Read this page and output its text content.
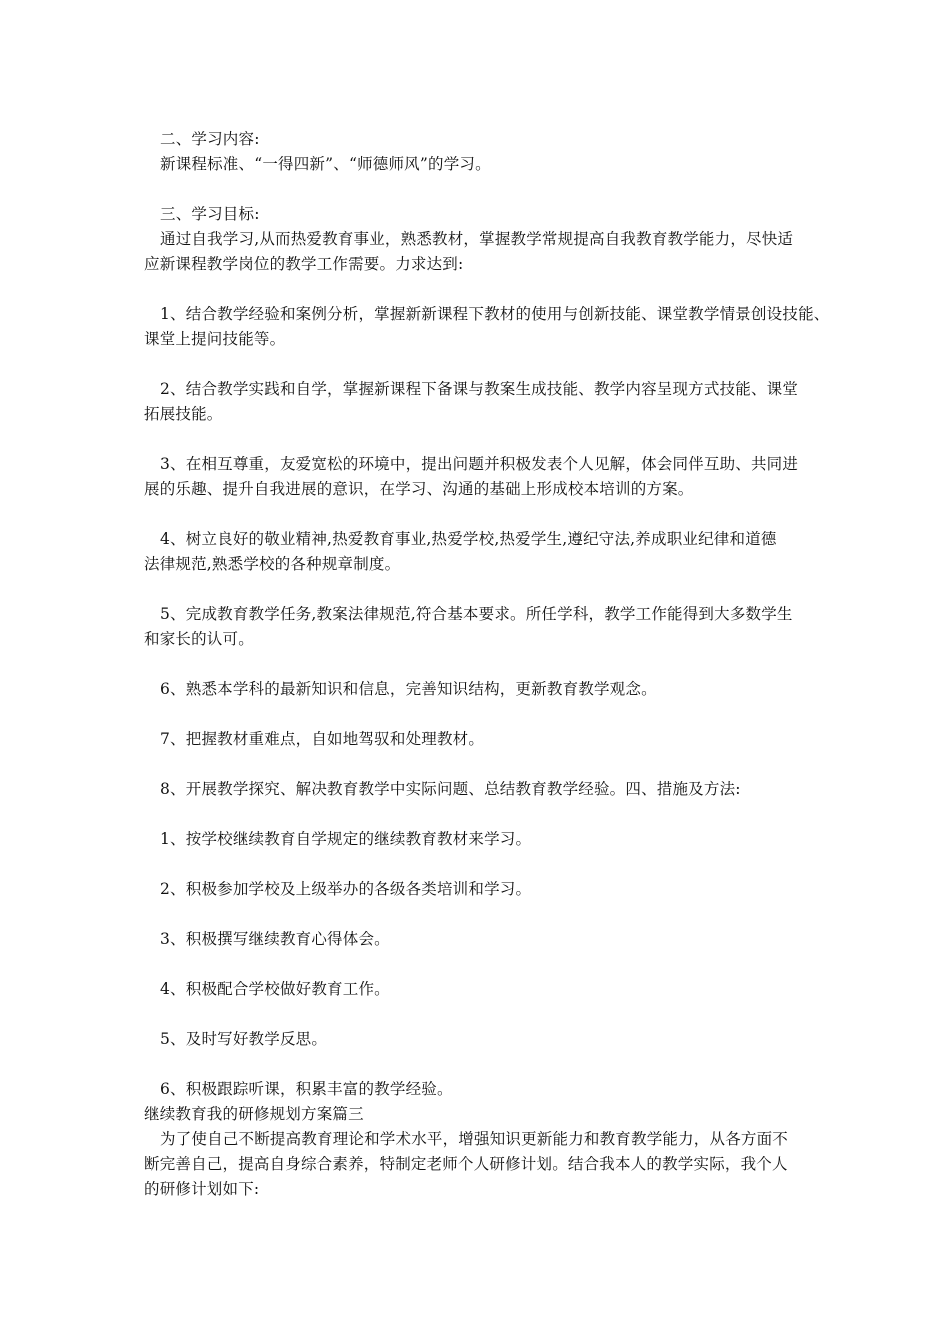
二、学习内容:
新课程标准、“一得四新”、“师德师风”的学习。
三、学习目标:
通过自我学习,从而热爱教育事业，熟悉教材，掌握教学常规提高自我教育教学能力，尽快适
应新课程教学岗位的教学工作需要。力求达到:
1、结合教学经验和案例分析，掌握新新课程下教材的使用与创新技能、课堂教学情景创设技能、
课堂上提问技能等。
2、结合教学实践和自学，掌握新课程下备课与教案生成技能、教学内容呈现方式技能、课堂
拓展技能。
3、在相互尊重，友爱宽松的环境中，提出问题并积极发表个人见解，体会同伴互助、共同进
展的乐趣、提升自我进展的意识，在学习、沟通的基础上形成校本培训的方案。
4、树立良好的敬业精神,热爱教育事业,热爱学校,热爱学生,遵纪守法,养成职业纪律和道德
法律规范,熟悉学校的各种规章制度。
5、完成教育教学任务,教案法律规范,符合基本要求。所任学科，教学工作能得到大多数学生
和家长的认可。
6、熟悉本学科的最新知识和信息，完善知识结构，更新教育教学观念。
7、把握教材重难点，自如地驾驭和处理教材。
8、开展教学探究、解决教育教学中实际问题、总结教育教学经验。四、措施及方法:
1、按学校继续教育自学规定的继续教育教材来学习。
2、积极参加学校及上级举办的各级各类培训和学习。
3、积极撰写继续教育心得体会。
4、积极配合学校做好教育工作。
5、及时写好教学反思。
6、积极跟踪听课，积累丰富的教学经验。
继续教育我的研修规划方案篇三
为了使自己不断提高教育理论和学术水平，增强知识更新能力和教育教学能力，从各方面不
断完善自己，提高自身综合素养，特制定老师个人研修计划。结合我本人的教学实际，我个人
的研修计划如下:
